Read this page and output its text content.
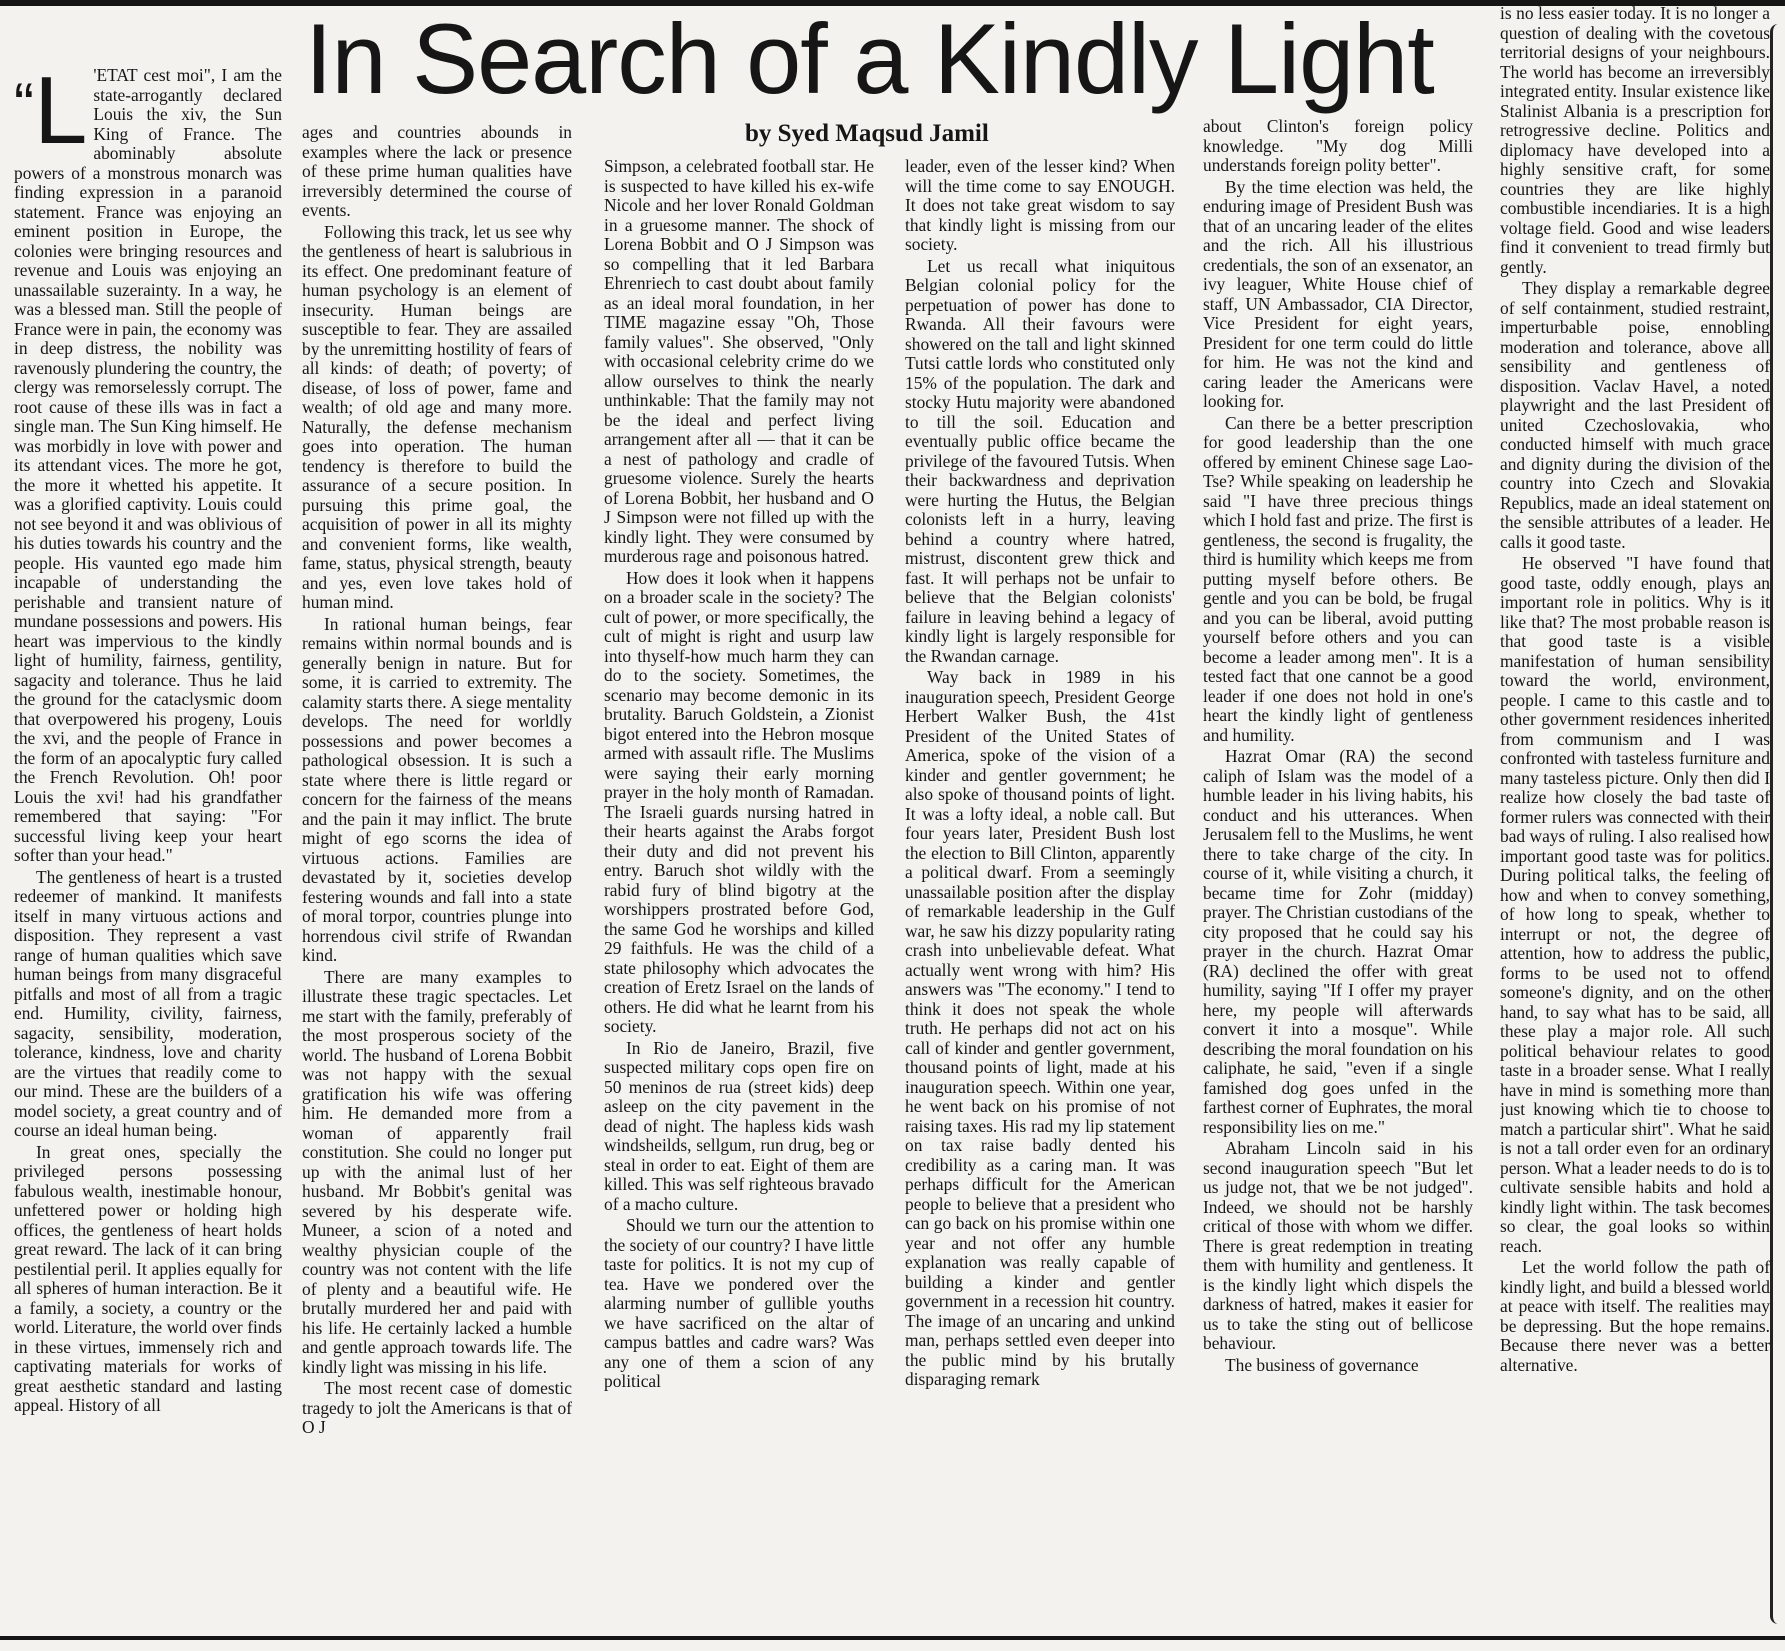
In Search of a Kindly Light
by Syed Maqsud Jamil
“ L 'ETAT cest moi", I am the state-arrogantly declared Louis the xiv, the Sun King of France. The abominably absolute powers of a monstrous monarch was finding expression in a paranoid statement. France was enjoying an eminent position in Europe, the colonies were bringing resources and revenue and Louis was enjoying an unassailable suzerainty. In a way, he was a blessed man. Still the people of France were in pain, the economy was in deep distress, the nobility was ravenously plundering the country, the clergy was remorselessly corrupt. The root cause of these ills was in fact a single man. The Sun King himself. He was morbidly in love with power and its attendant vices. The more he got, the more it whetted his appetite. It was a glorified captivity. Louis could not see beyond it and was oblivious of his duties towards his country and the people. His vaunted ego made him incapable of understanding the perishable and transient nature of mundane possessions and powers. His heart was impervious to the kindly light of humility, fairness, gentility, sagacity and tolerance. Thus he laid the ground for the cataclysmic doom that overpowered his progeny, Louis the xvi, and the people of France in the form of an apocalyptic fury called the French Revolution. Oh! poor Louis the xvi! had his grandfather remembered that saying: "For successful living keep your heart softer than your head."

The gentleness of heart is a trusted redeemer of mankind. It manifests itself in many virtuous actions and disposition. They represent a vast range of human qualities which save human beings from many disgraceful pitfalls and most of all from a tragic end. Humility, civility, fairness, sagacity, sensibility, moderation, tolerance, kindness, love and charity are the virtues that readily come to our mind. These are the builders of a model society, a great country and of course an ideal human being.

In great ones, specially the privileged persons possessing fabulous wealth, inestimable honour, unfettered power or holding high offices, the gentleness of heart holds great reward. The lack of it can bring pestilential peril. It applies equally for all spheres of human interaction. Be it a family, a society, a country or the world. Literature, the world over finds in these virtues, immensely rich and captivating materials for works of great aesthetic standard and lasting appeal. History of all

ages and countries abounds in examples where the lack or presence of these prime human qualities have irreversibly determined the course of events.

Following this track, let us see why the gentleness of heart is salubrious in its effect. One predominant feature of human psychology is an element of insecurity. Human beings are susceptible to fear. They are assailed by the unremitting hostility of fears of all kinds: of death; of poverty; of disease, of loss of power, fame and wealth; of old age and many more. Naturally, the defense mechanism goes into operation. The human tendency is therefore to build the assurance of a secure position. In pursuing this prime goal, the acquisition of power in all its mighty and convenient forms, like wealth, fame, status, physical strength, beauty and yes, even love takes hold of human mind.

In rational human beings, fear remains within normal bounds and is generally benign in nature. But for some, it is carried to extremity. The calamity starts there. A siege mentality develops. The need for worldly possessions and power becomes a pathological obsession. It is such a state where there is little regard or concern for the fairness of the means and the pain it may inflict. The brute might of ego scorns the idea of virtuous actions. Families are devastated by it, societies develop festering wounds and fall into a state of moral torpor, countries plunge into horrendous civil strife of Rwandan kind.

There are many examples to illustrate these tragic spectacles. Let me start with the family, preferably of the most prosperous society of the world. The husband of Lorena Bobbit was not happy with the sexual gratification his wife was offering him. He demanded more from a woman of apparently frail constitution. She could no longer put up with the animal lust of her husband. Mr Bobbit's genital was severed by his desperate wife. Muneer, a scion of a noted and wealthy physician couple of the country was not content with the life of plenty and a beautiful wife. He brutally murdered her and paid with his life. He certainly lacked a humble and gentle approach towards life. The kindly light was missing in his life.

The most recent case of domestic tragedy to jolt the Americans is that of O J

Simpson, a celebrated football star. He is suspected to have killed his ex-wife Nicole and her lover Ronald Goldman in a gruesome manner. The shock of Lorena Bobbit and O J Simpson was so compelling that it led Barbara Ehrenriech to cast doubt about family as an ideal moral foundation, in her TIME magazine essay "Oh, Those family values". She observed, "Only with occasional celebrity crime do we allow ourselves to think the nearly unthinkable: That the family may not be the ideal and perfect living arrangement after all — that it can be a nest of pathology and cradle of gruesome violence. Surely the hearts of Lorena Bobbit, her husband and O J Simpson were not filled up with the kindly light. They were consumed by murderous rage and poisonous hatred.

How does it look when it happens on a broader scale in the society? The cult of power, or more specifically, the cult of might is right and usurp law into thyself-how much harm they can do to the society. Sometimes, the scenario may become demonic in its brutality. Baruch Goldstein, a Zionist bigot entered into the Hebron mosque armed with assault rifle. The Muslims were saying their early morning prayer in the holy month of Ramadan. The Israeli guards nursing hatred in their hearts against the Arabs forgot their duty and did not prevent his entry. Baruch shot wildly with the rabid fury of blind bigotry at the worshippers prostrated before God, the same God he worships and killed 29 faithfuls. He was the child of a state philosophy which advocates the creation of Eretz Israel on the lands of others. He did what he learnt from his society.

In Rio de Janeiro, Brazil, five suspected military cops open fire on 50 meninos de rua (street kids) deep asleep on the city pavement in the dead of night. The hapless kids wash windsheilds, sellgum, run drug, beg or steal in order to eat. Eight of them are killed. This was self righteous bravado of a macho culture.

Should we turn our the attention to the society of our country? I have little taste for politics. It is not my cup of tea. Have we pondered over the alarming number of gullible youths we have sacrificed on the altar of campus battles and cadre wars? Was any one of them a scion of any political

leader, even of the lesser kind? When will the time come to say ENOUGH. It does not take great wisdom to say that kindly light is missing from our society.

Let us recall what iniquitous Belgian colonial policy for the perpetuation of power has done to Rwanda. All their favours were showered on the tall and light skinned Tutsi cattle lords who constituted only 15% of the population. The dark and stocky Hutu majority were abandoned to till the soil. Education and eventually public office became the privilege of the favoured Tutsis. When their backwardness and deprivation were hurting the Hutus, the Belgian colonists left in a hurry, leaving behind a country where hatred, mistrust, discontent grew thick and fast. It will perhaps not be unfair to believe that the Belgian colonists' failure in leaving behind a legacy of kindly light is largely responsible for the Rwandan carnage.

Way back in 1989 in his inauguration speech, President George Herbert Walker Bush, the 41st President of the United States of America, spoke of the vision of a kinder and gentler government; he also spoke of thousand points of light. It was a lofty ideal, a noble call. But four years later, President Bush lost the election to Bill Clinton, apparently a political dwarf. From a seemingly unassailable position after the display of remarkable leadership in the Gulf war, he saw his dizzy popularity rating crash into unbelievable defeat. What actually went wrong with him? His answers was "The economy." I tend to think it does not speak the whole truth. He perhaps did not act on his call of kinder and gentler government, thousand points of light, made at his inauguration speech. Within one year, he went back on his promise of not raising taxes. His rad my lip statement on tax raise badly dented his credibility as a caring man. It was perhaps difficult for the American people to believe that a president who can go back on his promise within one year and not offer any humble explanation was really capable of building a kinder and gentler government in a recession hit country. The image of an uncaring and unkind man, perhaps settled even deeper into the public mind by his brutally disparaging remark

about Clinton's foreign policy knowledge. "My dog Milli understands foreign polity better".

By the time election was held, the enduring image of President Bush was that of an uncaring leader of the elites and the rich. All his illustrious credentials, the son of an exsenator, an ivy leaguer, White House chief of staff, UN Ambassador, CIA Director, Vice President for eight years, President for one term could do little for him. He was not the kind and caring leader the Americans were looking for.

Can there be a better prescription for good leadership than the one offered by eminent Chinese sage Lao-Tse? While speaking on leadership he said "I have three precious things which I hold fast and prize. The first is gentleness, the second is frugality, the third is humility which keeps me from putting myself before others. Be gentle and you can be bold, be frugal and you can be liberal, avoid putting yourself before others and you can become a leader among men". It is a tested fact that one cannot be a good leader if one does not hold in one's heart the kindly light of gentleness and humility.

Hazrat Omar (RA) the second caliph of Islam was the model of a humble leader in his living habits, his conduct and his utterances. When Jerusalem fell to the Muslims, he went there to take charge of the city. In course of it, while visiting a church, it became time for Zohr (midday) prayer. The Christian custodians of the city proposed that he could say his prayer in the church. Hazrat Omar (RA) declined the offer with great humility, saying "If I offer my prayer here, my people will afterwards convert it into a mosque". While describing the moral foundation on his caliphate, he said, "even if a single famished dog goes unfed in the farthest corner of Euphrates, the moral responsibility lies on me."

Abraham Lincoln said in his second inauguration speech "But let us judge not, that we be not judged". Indeed, we should not be harshly critical of those with whom we differ. There is great redemption in treating them with humility and gentleness. It is the kindly light which dispels the darkness of hatred, makes it easier for us to take the sting out of bellicose behaviour.

The business of governance

is no less easier today. It is no longer a question of dealing with the covetous territorial designs of your neighbours. The world has become an irreversibly integrated entity. Insular existence like Stalinist Albania is a prescription for retrogressive decline. Politics and diplomacy have developed into a highly sensitive craft, for some countries they are like highly combustible incendiaries. It is a high voltage field. Good and wise leaders find it convenient to tread firmly but gently.

They display a remarkable degree of self containment, studied restraint, imperturbable poise, ennobling moderation and tolerance, above all sensibility and gentleness of disposition. Vaclav Havel, a noted playwright and the last President of united Czechoslovakia, who conducted himself with much grace and dignity during the division of the country into Czech and Slovakia Republics, made an ideal statement on the sensible attributes of a leader. He calls it good taste.

He observed "I have found that good taste, oddly enough, plays an important role in politics. Why is it like that? The most probable reason is that good taste is a visible manifestation of human sensibility toward the world, environment, people. I came to this castle and to other government residences inherited from communism and I was confronted with tasteless furniture and many tasteless picture. Only then did I realize how closely the bad taste of former rulers was connected with their bad ways of ruling. I also realised how important good taste was for politics. During political talks, the feeling of how and when to convey something, of how long to speak, whether to interrupt or not, the degree of attention, how to address the public, forms to be used not to offend someone's dignity, and on the other hand, to say what has to be said, all these play a major role. All such political behaviour relates to good taste in a broader sense. What I really have in mind is something more than just knowing which tie to choose to match a particular shirt". What he said is not a tall order even for an ordinary person. What a leader needs to do is to cultivate sensible habits and hold a kindly light within. The task becomes so clear, the goal looks so within reach.

Let the world follow the path of kindly light, and build a blessed world at peace with itself. The realities may be depressing. But the hope remains. Because there never was a better alternative.
